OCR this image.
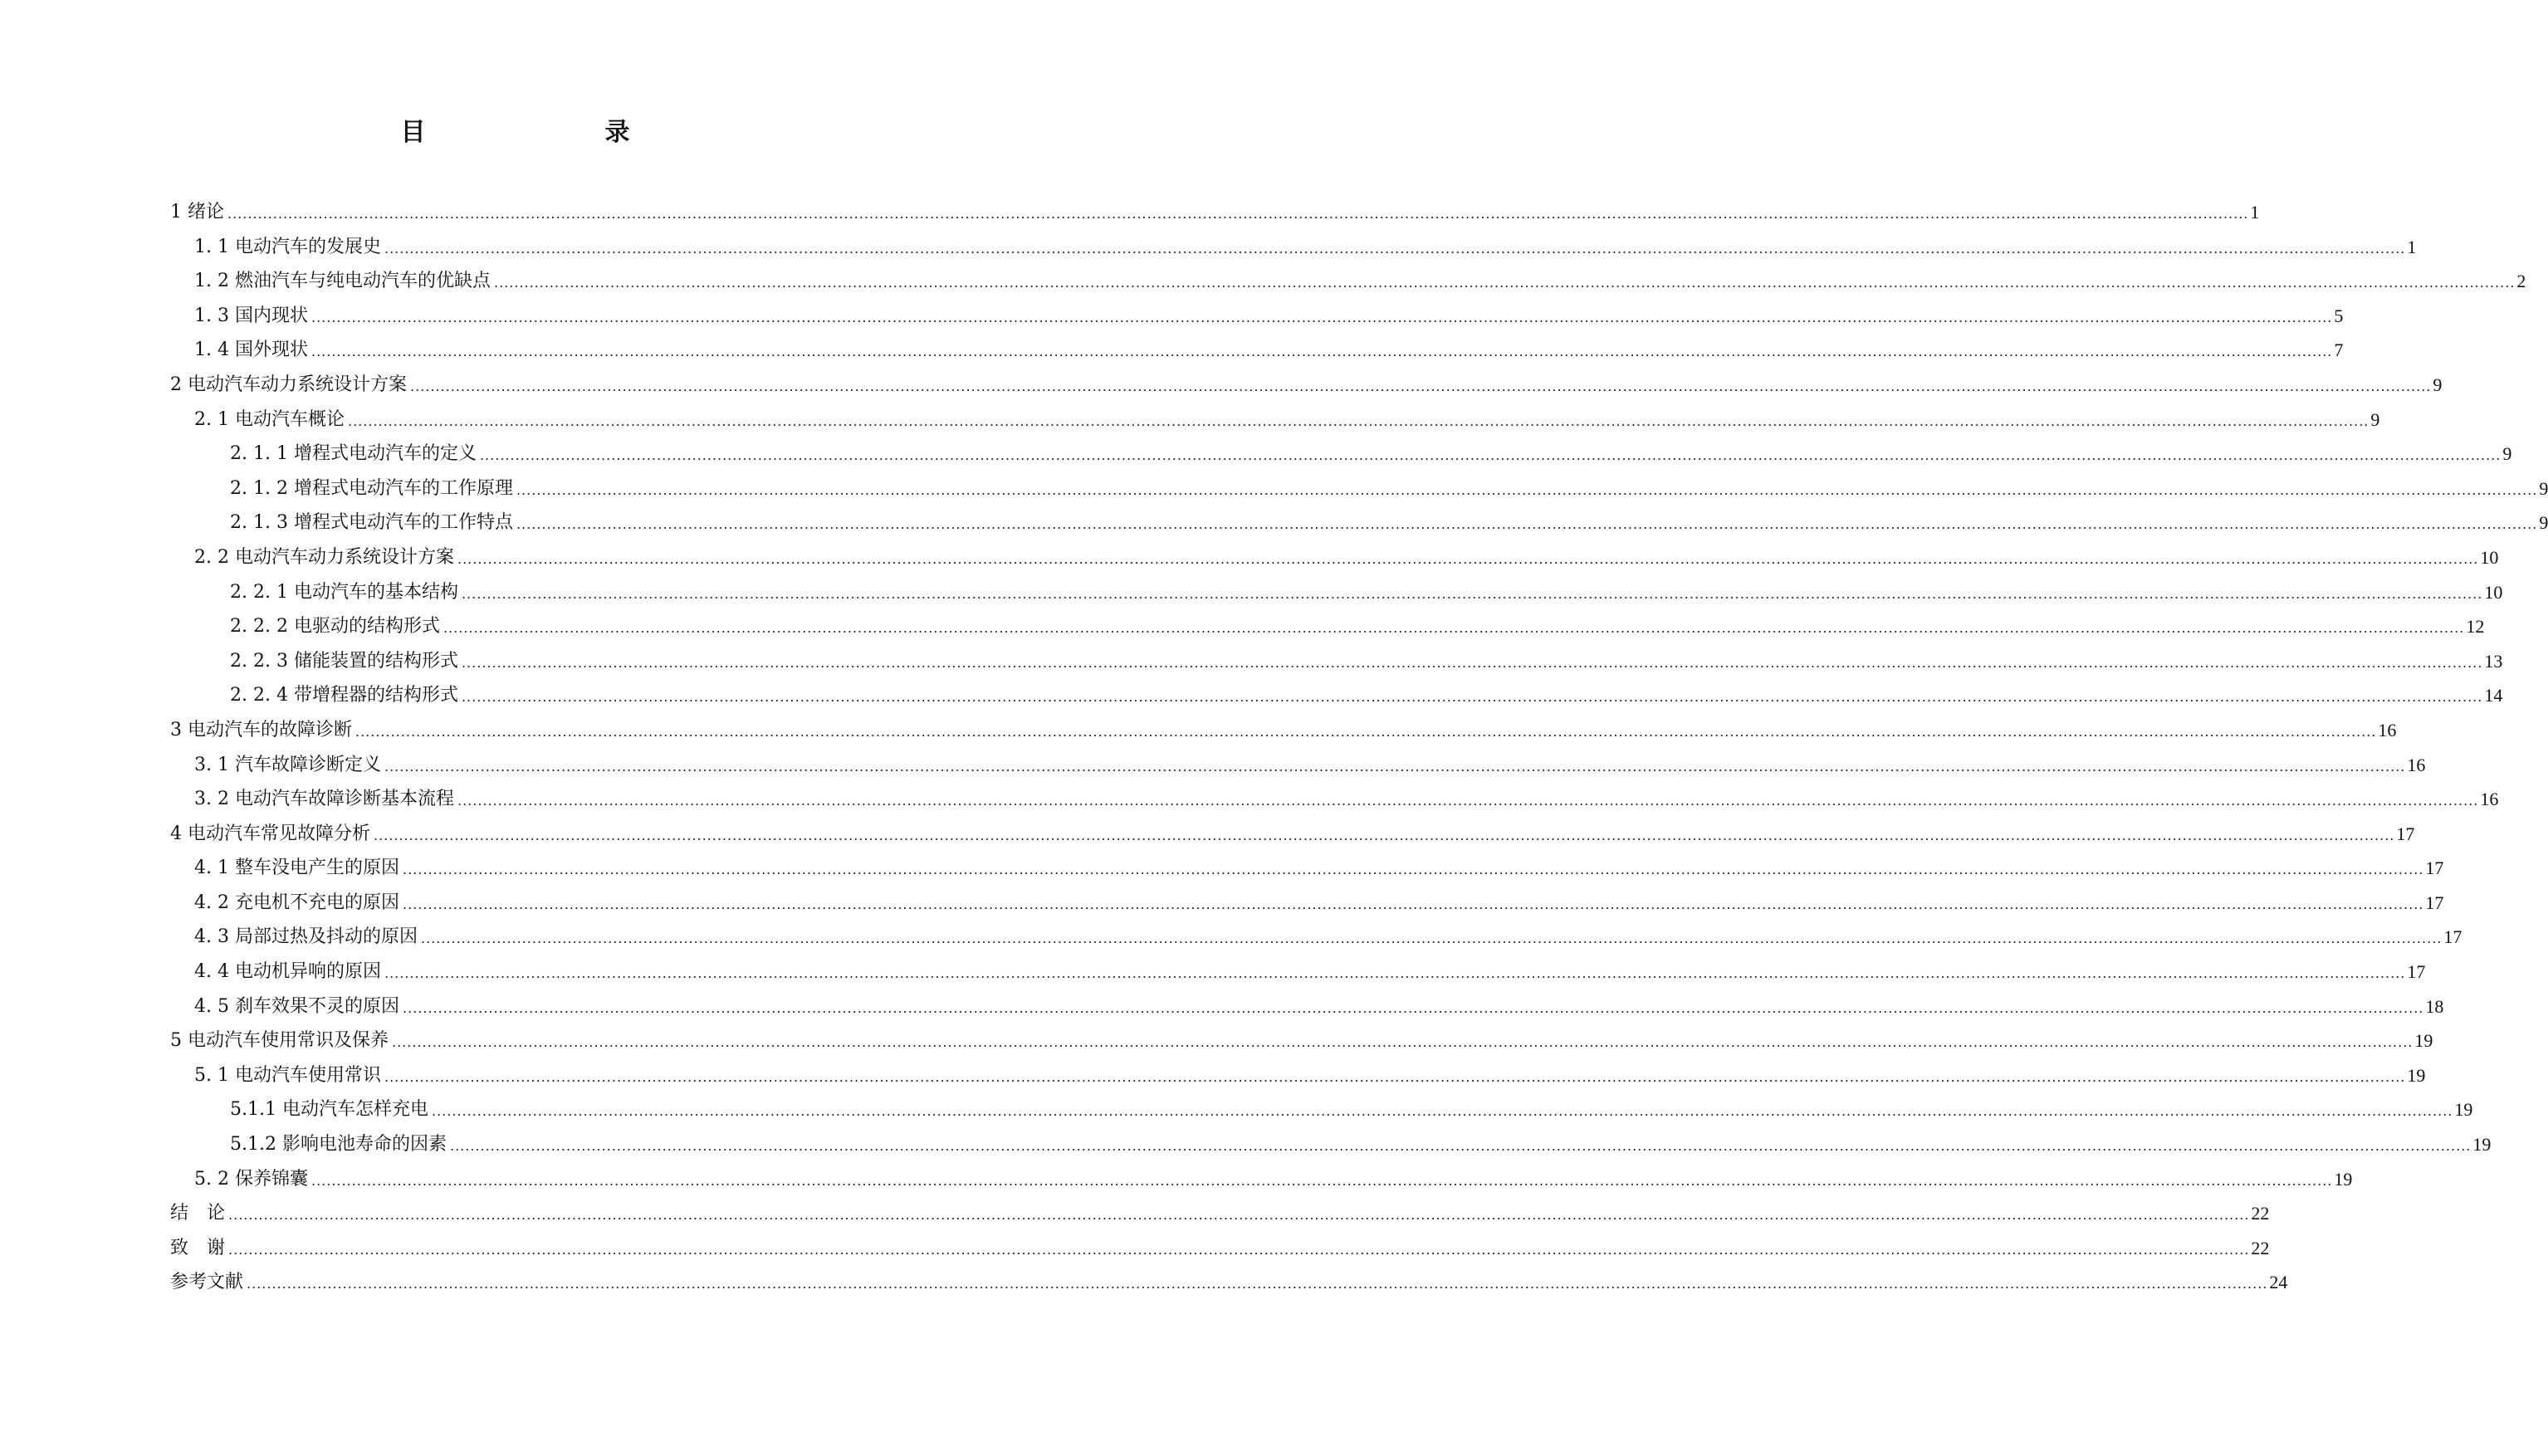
目　　录
1 绪论 ................................................................................................................................................................................................................................................................................................................................................................................................................ 1
1. 1 电动汽车的发展史 ................................................................................................................................................................................................................................................................................................................................................................................................................ 1
1. 2 燃油汽车与纯电动汽车的优缺点 ................................................................................................................................................................................................................................................................................................................................................................................................................ 2
1. 3 国内现状 ................................................................................................................................................................................................................................................................................................................................................................................................................ 5
1. 4 国外现状 ................................................................................................................................................................................................................................................................................................................................................................................................................ 7
2 电动汽车动力系统设计方案 ................................................................................................................................................................................................................................................................................................................................................................................................................ 9
2. 1 电动汽车概论 ................................................................................................................................................................................................................................................................................................................................................................................................................ 9
2. 1. 1 增程式电动汽车的定义 ................................................................................................................................................................................................................................................................................................................................................................................................................ 9
2. 1. 2 增程式电动汽车的工作原理 ................................................................................................................................................................................................................................................................................................................................................................................................................ 9
2. 1. 3 增程式电动汽车的工作特点 ................................................................................................................................................................................................................................................................................................................................................................................................................ 9
2. 2 电动汽车动力系统设计方案 ................................................................................................................................................................................................................................................................................................................................................................................................................ 10
2. 2. 1 电动汽车的基本结构 ................................................................................................................................................................................................................................................................................................................................................................................................................ 10
2. 2. 2 电驱动的结构形式 ................................................................................................................................................................................................................................................................................................................................................................................................................ 12
2. 2. 3 储能装置的结构形式 ................................................................................................................................................................................................................................................................................................................................................................................................................ 13
2. 2. 4 带增程器的结构形式 ................................................................................................................................................................................................................................................................................................................................................................................................................ 14
3 电动汽车的故障诊断 ................................................................................................................................................................................................................................................................................................................................................................................................................ 16
3. 1 汽车故障诊断定义 ................................................................................................................................................................................................................................................................................................................................................................................................................ 16
3. 2 电动汽车故障诊断基本流程 ................................................................................................................................................................................................................................................................................................................................................................................................................ 16
4 电动汽车常见故障分析 ................................................................................................................................................................................................................................................................................................................................................................................................................ 17
4. 1 整车没电产生的原因 ................................................................................................................................................................................................................................................................................................................................................................................................................ 17
4. 2 充电机不充电的原因 ................................................................................................................................................................................................................................................................................................................................................................................................................ 17
4. 3 局部过热及抖动的原因 ................................................................................................................................................................................................................................................................................................................................................................................................................ 17
4. 4 电动机异响的原因 ................................................................................................................................................................................................................................................................................................................................................................................................................ 17
4. 5 刹车效果不灵的原因 ................................................................................................................................................................................................................................................................................................................................................................................................................ 18
5 电动汽车使用常识及保养 ................................................................................................................................................................................................................................................................................................................................................................................................................ 19
5. 1 电动汽车使用常识 ................................................................................................................................................................................................................................................................................................................................................................................................................ 19
5.1.1 电动汽车怎样充电 ................................................................................................................................................................................................................................................................................................................................................................................................................ 19
5.1.2 影响电池寿命的因素 ................................................................................................................................................................................................................................................................................................................................................................................................................ 19
5. 2 保养锦囊 ................................................................................................................................................................................................................................................................................................................................................................................................................ 19
结　论 ................................................................................................................................................................................................................................................................................................................................................................................................................ 22
致　谢 ................................................................................................................................................................................................................................................................................................................................................................................................................ 22
参考文献 ................................................................................................................................................................................................................................................................................................................................................................................................................ 24
